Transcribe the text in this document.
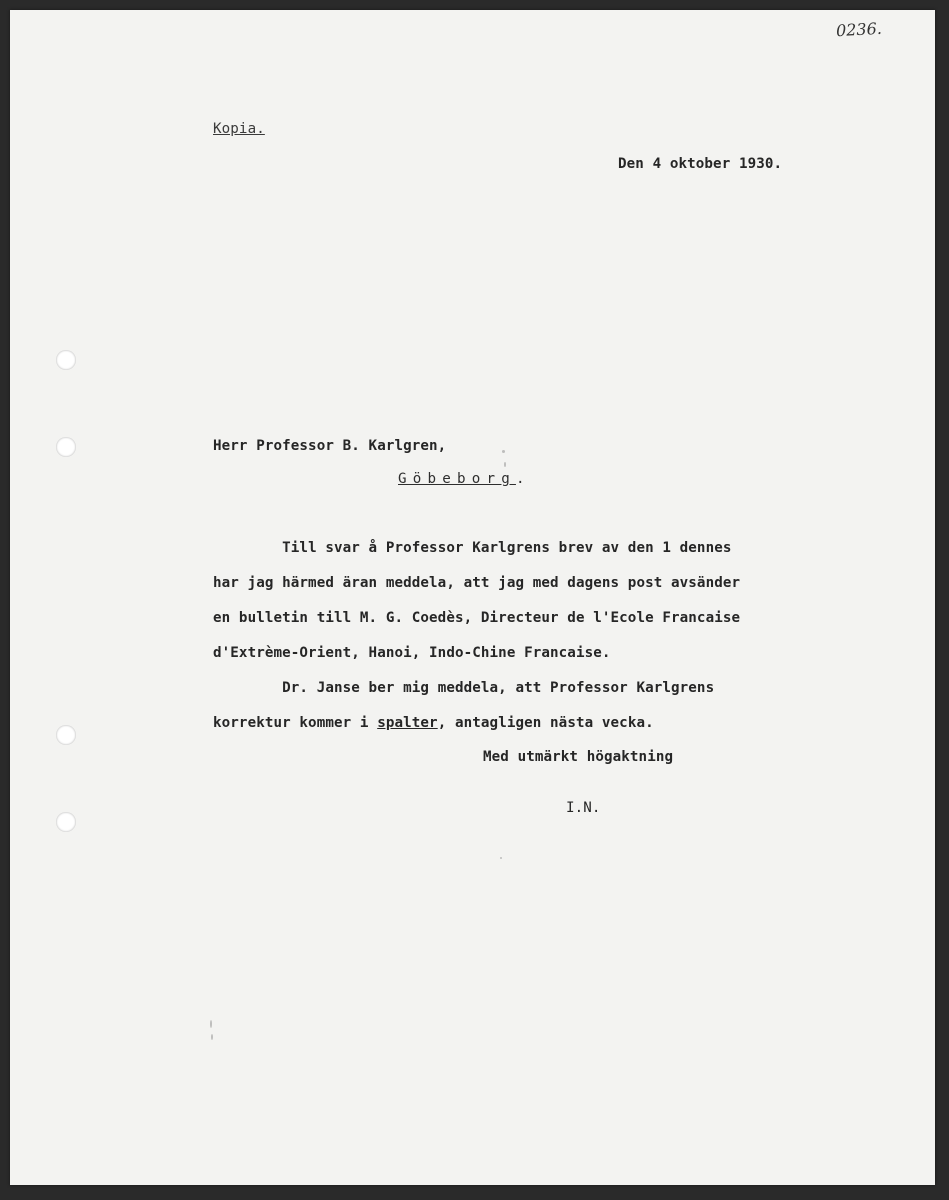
0236.
Kopia.
Den 4 oktober 1930.
Herr Professor B. Karlgren,
Göbeborg.
Till svar å Professor Karlgrens brev av den 1 dennes
har jag härmed äran meddela, att jag med dagens post avsänder
en bulletin till M. G. Coedès, Directeur de l'Ecole Francaise
d'Extrème-Orient, Hanoi, Indo-Chine Francaise.
Dr. Janse ber mig meddela, att Professor Karlgrens
korrektur kommer i spalter, antagligen nästa vecka.
Med utmärkt högaktning
I.N.
